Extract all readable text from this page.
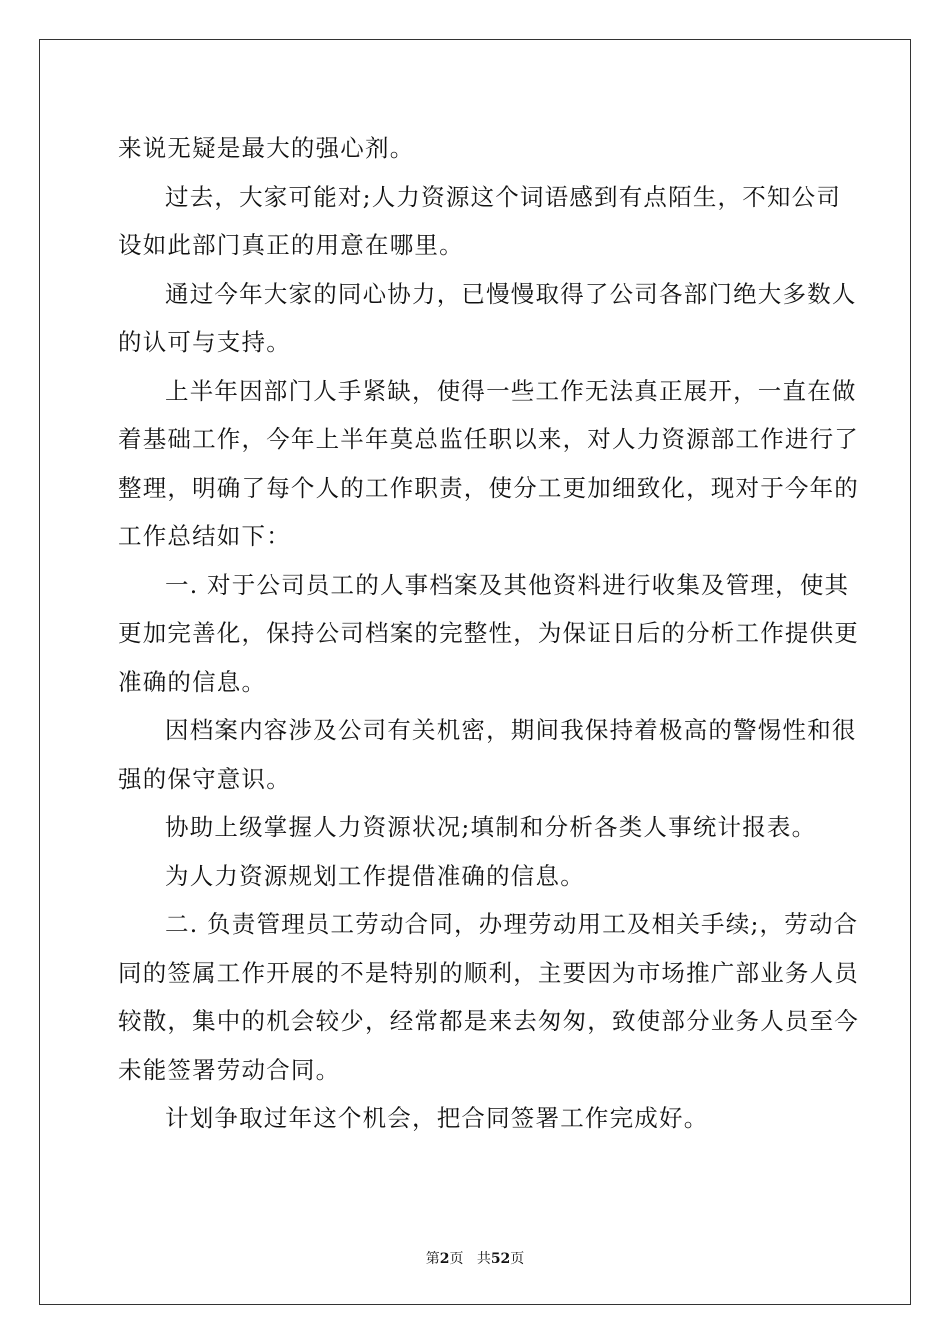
来说无疑是最大的强心剂。
过去，大家可能对;人力资源这个词语感到有点陌生，不知公司
设如此部门真正的用意在哪里。
通过今年大家的同心协力，已慢慢取得了公司各部门绝大多数人
的认可与支持。
上半年因部门人手紧缺，使得一些工作无法真正展开，一直在做
着基础工作，今年上半年莫总监任职以来，对人力资源部工作进行了
整理，明确了每个人的工作职责，使分工更加细致化，现对于今年的
工作总结如下：
一. 对于公司员工的人事档案及其他资料进行收集及管理，使其
更加完善化，保持公司档案的完整性，为保证日后的分析工作提供更
准确的信息。
因档案内容涉及公司有关机密，期间我保持着极高的警惕性和很
强的保守意识。
协助上级掌握人力资源状况;填制和分析各类人事统计报表。
为人力资源规划工作提借准确的信息。
二. 负责管理员工劳动合同，办理劳动用工及相关手续;，劳动合
同的签属工作开展的不是特别的顺利，主要因为市场推广部业务人员
较散，集中的机会较少，经常都是来去匆匆，致使部分业务人员至今
未能签署劳动合同。
计划争取过年这个机会，把合同签署工作完成好。
第2页 共52页
